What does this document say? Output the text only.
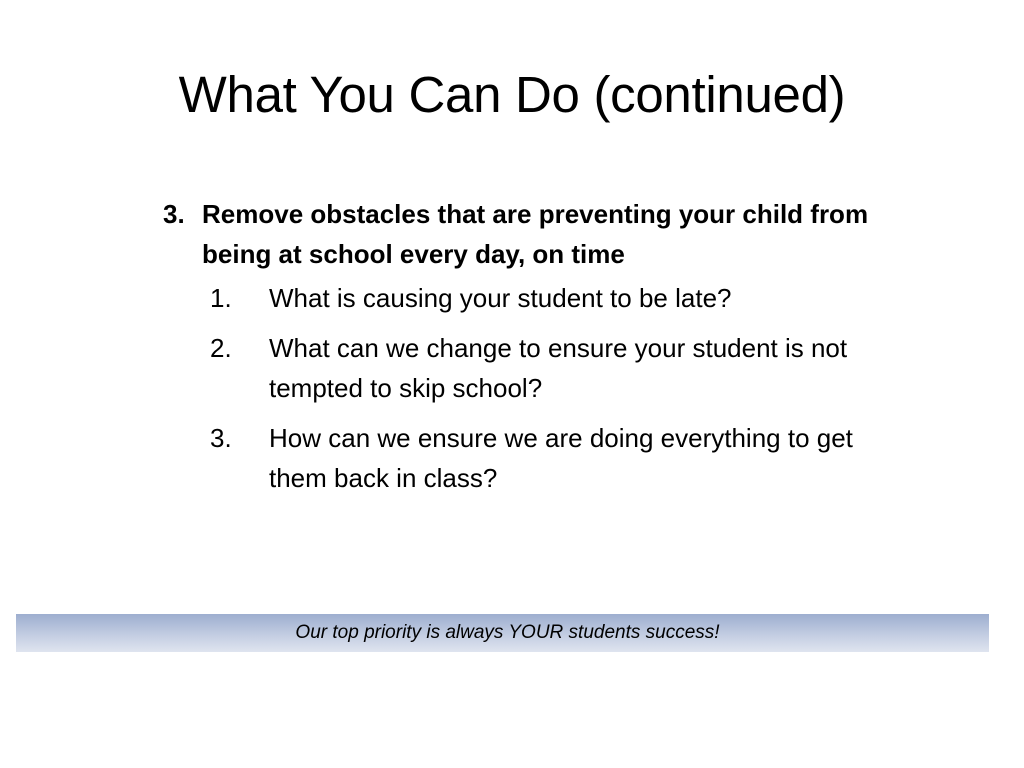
What You Can Do (continued)
3. Remove obstacles that are preventing your child from being at school every day, on time
1.	What is causing your student to be late?
2.	What can we change to ensure your student is not tempted to skip school?
3.	How can we ensure we are doing everything to get them back in class?
Our top priority is always YOUR students success!
